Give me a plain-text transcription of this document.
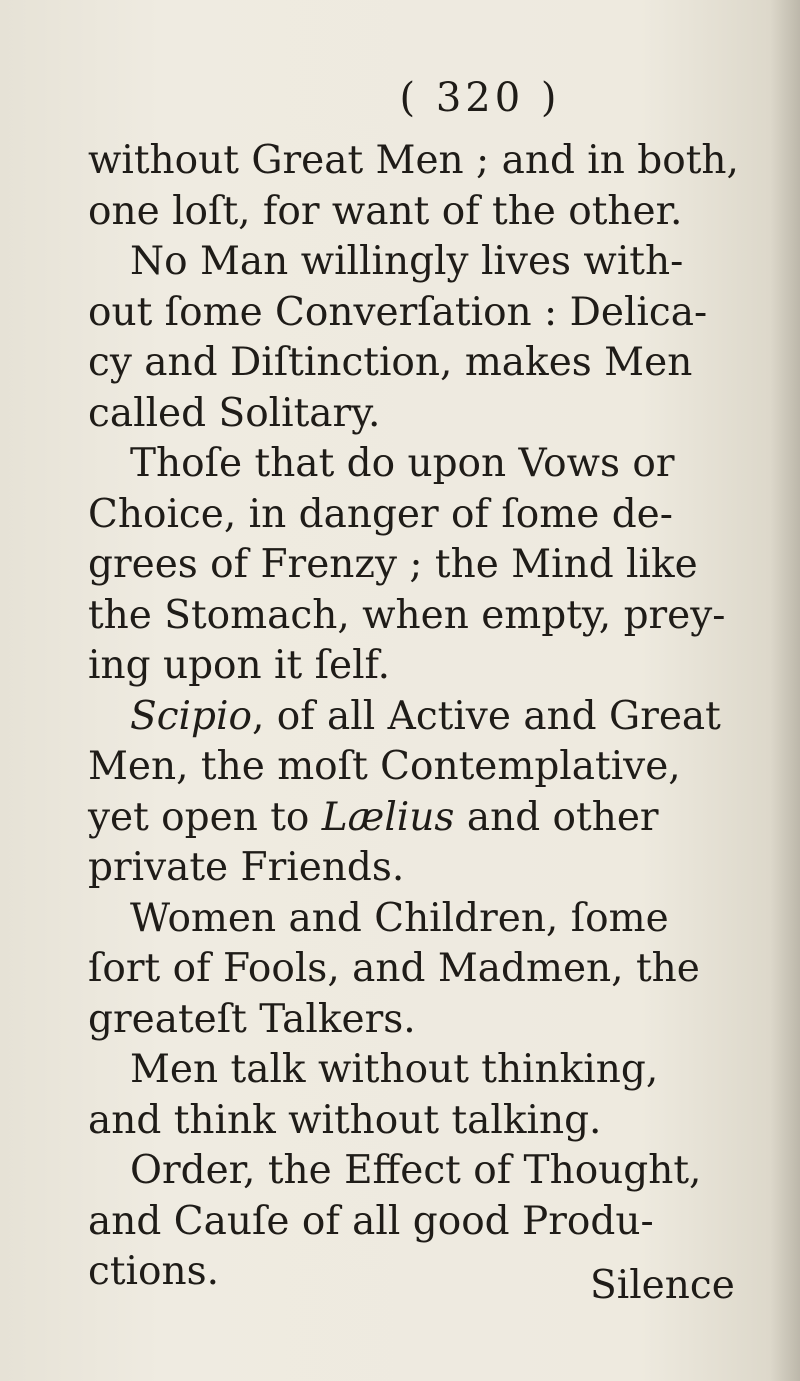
( 320 )
without Great Men ; and in both,
one loſt, for want of the other.
No Man willingly lives with-
out ſome Converſation : Delica-
cy and Diſtinction, makes Men
called Solitary.
Thoſe that do upon Vows or
Choice, in danger of ſome de-
grees of Frenzy ; the Mind like
the Stomach, when empty, prey-
ing upon it ſelf.
Scipio, of all Active and Great
Men, the moſt Contemplative,
yet open to Lælius and other
private Friends.
Women and Children, ſome
ſort of Fools, and Madmen, the
greateſt Talkers.
Men talk without thinking,
and think without talking.
Order, the Effect of Thought,
and Cauſe of all good Produ-
ctions.	Silence
